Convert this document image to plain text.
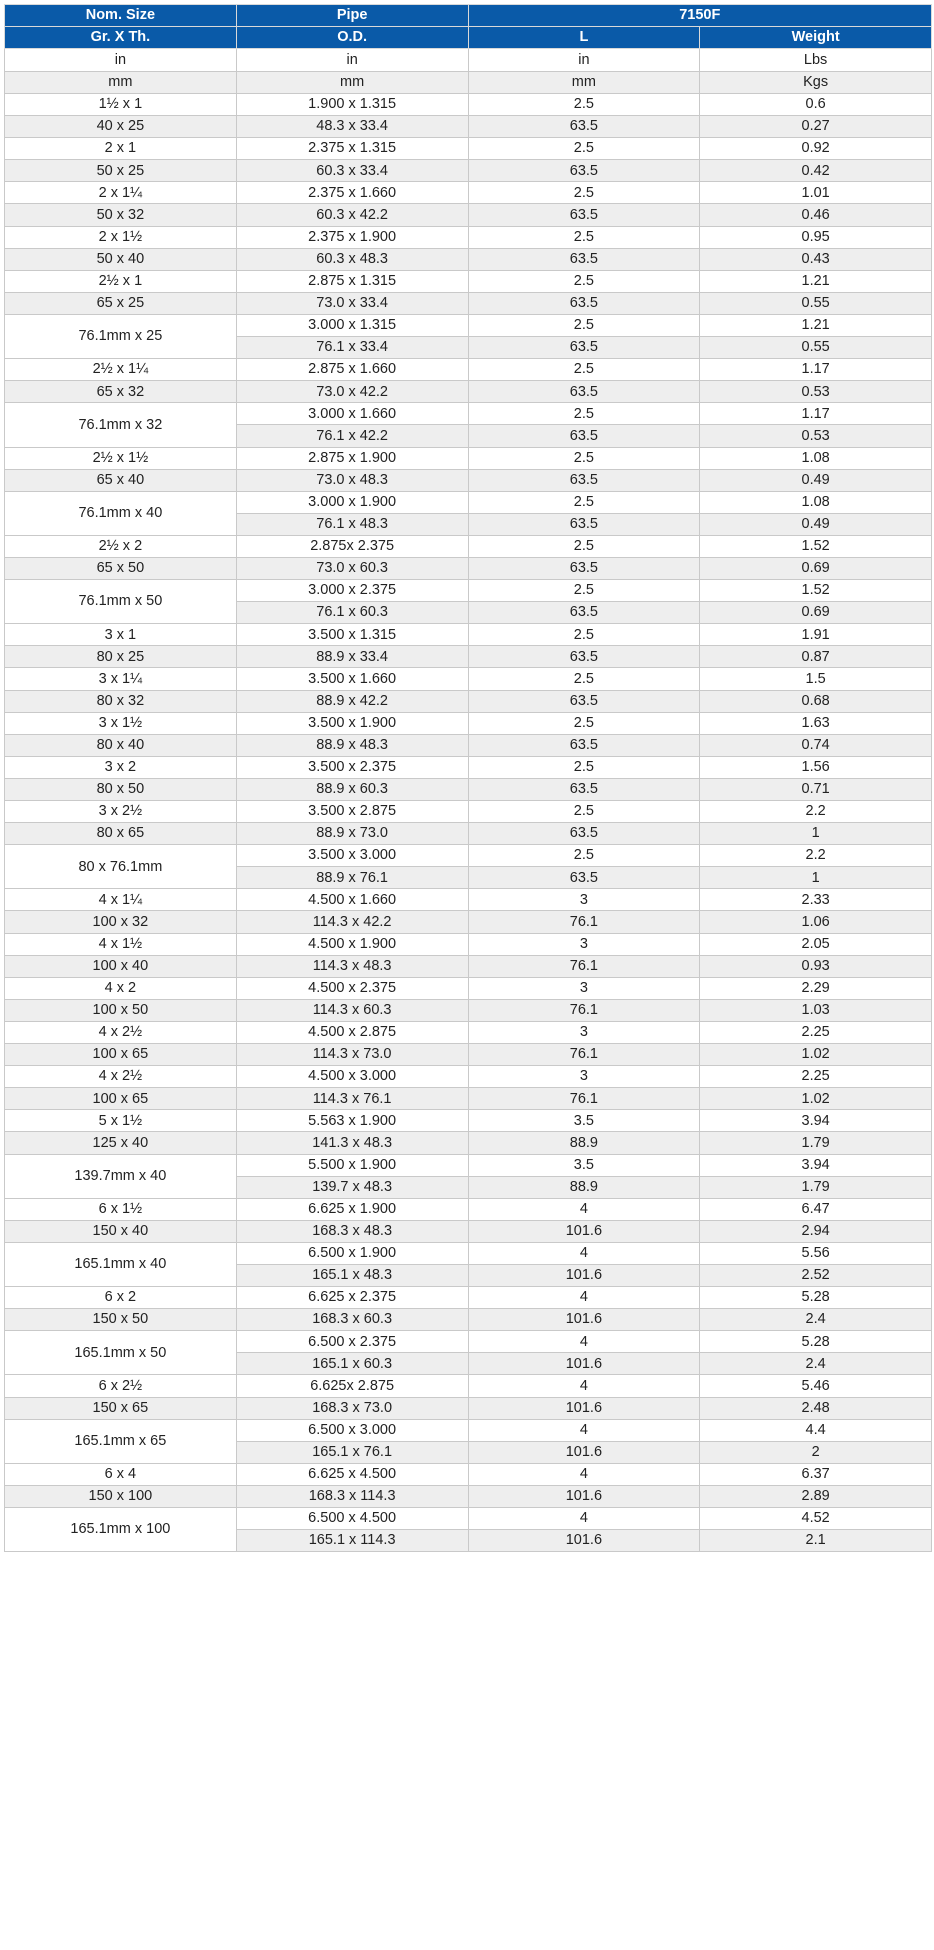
Nom. Size	Pipe	7150F	
Gr. X Th.	O.D.	L	Weight
in	in	in	Lbs
mm	mm	mm	Kgs
1½ x 1	1.900 x 1.315	2.5	0.6
40 x 25	48.3 x 33.4	63.5	0.27
2 x 1	2.375 x 1.315	2.5	0.92
50 x 25	60.3 x 33.4	63.5	0.42
2 x 1¼	2.375 x 1.660	2.5	1.01
50 x 32	60.3 x 42.2	63.5	0.46
2 x 1½	2.375 x 1.900	2.5	0.95
50 x 40	60.3 x 48.3	63.5	0.43
2½ x 1	2.875 x 1.315	2.5	1.21
65 x 25	73.0 x 33.4	63.5	0.55
76.1mm x 25	3.000 x 1.315	2.5	1.21
	76.1 x 33.4	63.5	0.55
2½ x 1¼	2.875 x 1.660	2.5	1.17
65 x 32	73.0 x 42.2	63.5	0.53
76.1mm x 32	3.000 x 1.660	2.5	1.17
	76.1 x 42.2	63.5	0.53
2½ x 1½	2.875 x 1.900	2.5	1.08
65 x 40	73.0 x 48.3	63.5	0.49
76.1mm x 40	3.000 x 1.900	2.5	1.08
	76.1 x 48.3	63.5	0.49
2½ x 2	2.875x 2.375	2.5	1.52
65 x 50	73.0 x 60.3	63.5	0.69
76.1mm x 50	3.000 x 2.375	2.5	1.52
	76.1 x 60.3	63.5	0.69
3 x 1	3.500 x 1.315	2.5	1.91
80 x 25	88.9 x 33.4	63.5	0.87
3 x 1¼	3.500 x 1.660	2.5	1.5
80 x 32	88.9 x 42.2	63.5	0.68
3 x 1½	3.500 x 1.900	2.5	1.63
80 x 40	88.9 x 48.3	63.5	0.74
3 x 2	3.500 x 2.375	2.5	1.56
80 x 50	88.9 x 60.3	63.5	0.71
3 x 2½	3.500 x 2.875	2.5	2.2
80 x 65	88.9 x 73.0	63.5	1
80 x 76.1mm	3.500 x 3.000	2.5	2.2
	88.9 x 76.1	63.5	1
4 x 1¼	4.500 x 1.660	3	2.33
100 x 32	114.3 x 42.2	76.1	1.06
4 x 1½	4.500 x 1.900	3	2.05
100 x 40	114.3 x 48.3	76.1	0.93
4 x 2	4.500 x 2.375	3	2.29
100 x 50	114.3 x 60.3	76.1	1.03
4 x 2½	4.500 x 2.875	3	2.25
100 x 65	114.3 x 73.0	76.1	1.02
4 x 2½	4.500 x 3.000	3	2.25
100 x 65	114.3 x 76.1	76.1	1.02
5 x 1½	5.563 x 1.900	3.5	3.94
125 x 40	141.3 x 48.3	88.9	1.79
139.7mm x 40	5.500 x 1.900	3.5	3.94
	139.7 x 48.3	88.9	1.79
6 x 1½	6.625 x 1.900	4	6.47
150 x 40	168.3 x 48.3	101.6	2.94
165.1mm x 40	6.500 x 1.900	4	5.56
	165.1 x 48.3	101.6	2.52
6 x 2	6.625 x 2.375	4	5.28
150 x 50	168.3 x 60.3	101.6	2.4
165.1mm x 50	6.500 x 2.375	4	5.28
	165.1 x 60.3	101.6	2.4
6 x 2½	6.625x 2.875	4	5.46
150 x 65	168.3 x 73.0	101.6	2.48
165.1mm x 65	6.500 x 3.000	4	4.4
	165.1 x 76.1	101.6	2
6 x 4	6.625 x 4.500	4	6.37
150 x 100	168.3 x 114.3	101.6	2.89
165.1mm x 100	6.500 x 4.500	4	4.52
	165.1 x 114.3	101.6	2.1
